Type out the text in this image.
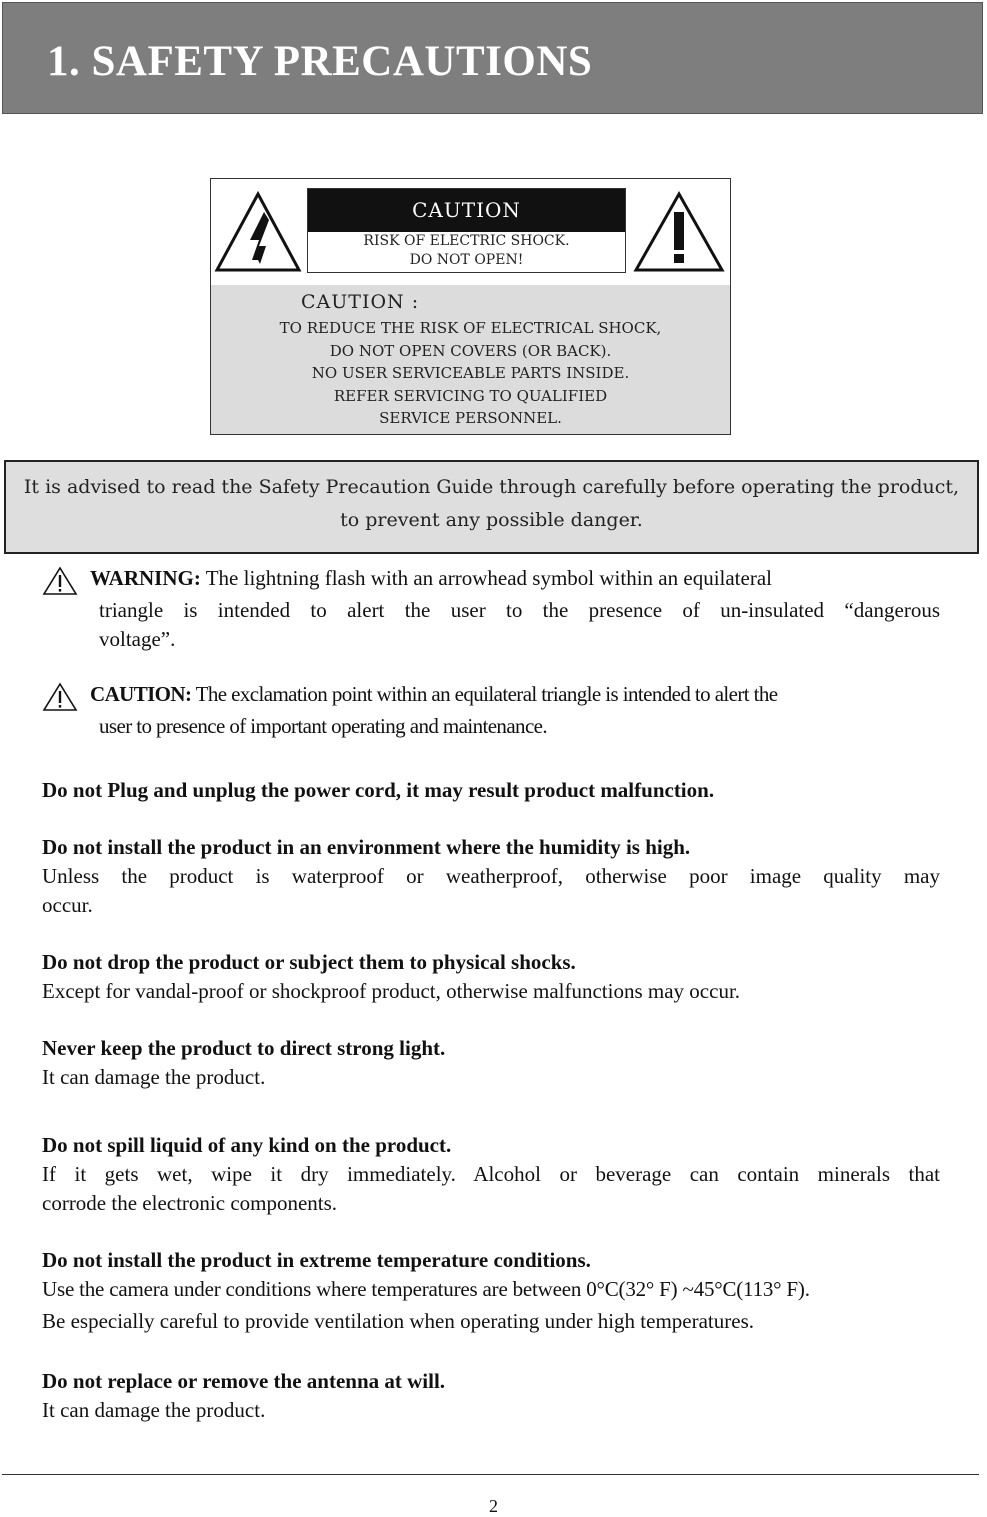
1. SAFETY PRECAUTIONS
CAUTION
RISK OF ELECTRIC SHOCK.
DO NOT OPEN!
CAUTION :
TO REDUCE THE RISK OF ELECTRICAL SHOCK,
DO NOT OPEN COVERS (OR BACK).
NO USER SERVICEABLE PARTS INSIDE.
REFER SERVICING TO QUALIFIED
SERVICE PERSONNEL.
It is advised to read the Safety Precaution Guide through carefully before operating the product,
to prevent any possible danger.
WARNING: The lightning flash with an arrowhead symbol within an equilateral
triangle is intended to alert the user to the presence of un-insulated “dangerous
voltage”.
CAUTION: The exclamation point within an equilateral triangle is intended to alert the
user to presence of important operating and maintenance.
Do not Plug and unplug the power cord, it may result product malfunction.
Do not install the product in an environment where the humidity is high.
Unless the product is waterproof or weatherproof, otherwise poor image quality may
occur.
Do not drop the product or subject them to physical shocks.
Except for vandal-proof or shockproof product, otherwise malfunctions may occur.
Never keep the product to direct strong light.
It can damage the product.
Do not spill liquid of any kind on the product.
If it gets wet, wipe it dry immediately. Alcohol or beverage can contain minerals that
corrode the electronic components.
Do not install the product in extreme temperature conditions.
Use the camera under conditions where temperatures are between 0°C(32° F) ~45°C(113° F).
Be especially careful to provide ventilation when operating under high temperatures.
Do not replace or remove the antenna at will.
It can damage the product.
2
